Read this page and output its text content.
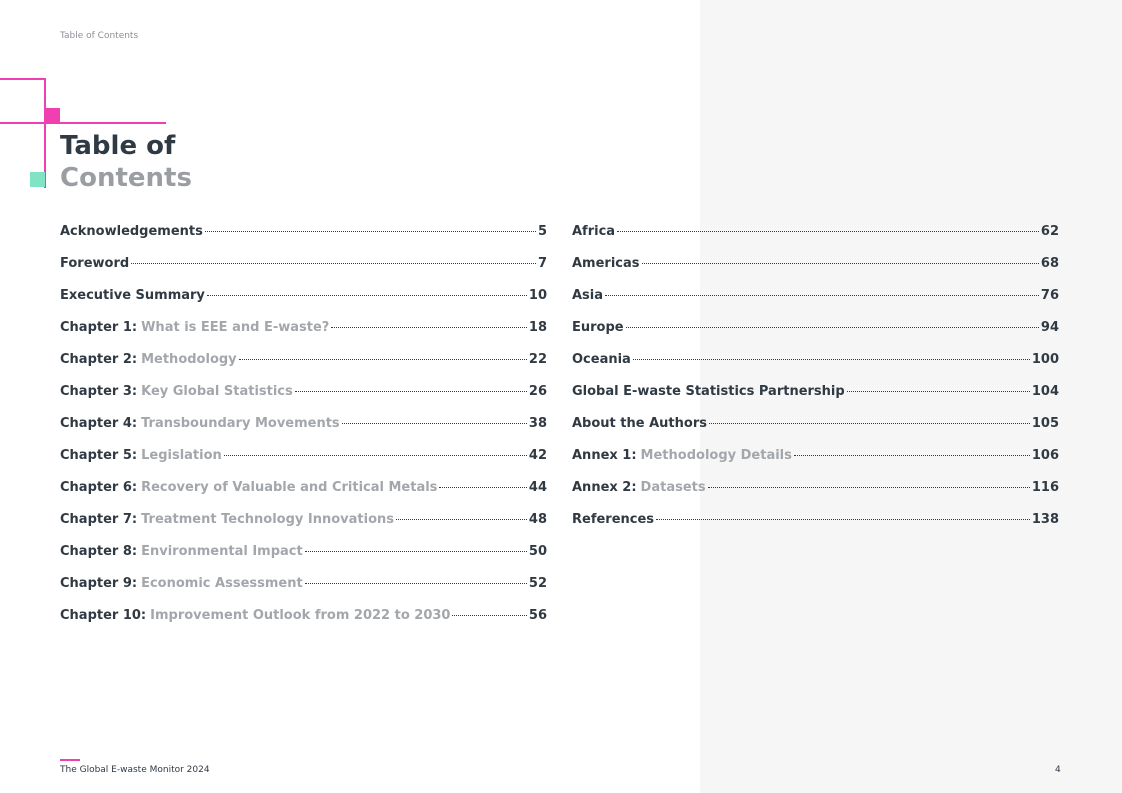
Table of Contents
Table of
Contents
Acknowledgements	5
Foreword	7
Executive Summary	10
Chapter 1: What is EEE and E-waste?	18
Chapter 2: Methodology	22
Chapter 3: Key Global Statistics	26
Chapter 4: Transboundary Movements	38
Chapter 5: Legislation	42
Chapter 6: Recovery of Valuable and Critical Metals	44
Chapter 7: Treatment Technology Innovations	48
Chapter 8: Environmental Impact	50
Chapter 9: Economic Assessment	52
Chapter 10: Improvement Outlook from 2022 to 2030	56
Africa	62
Americas	68
Asia	76
Europe	94
Oceania	100
Global E-waste Statistics Partnership	104
About the Authors	105
Annex 1: Methodology Details	106
Annex 2: Datasets	116
References	138
The Global E-waste Monitor 2024	4
